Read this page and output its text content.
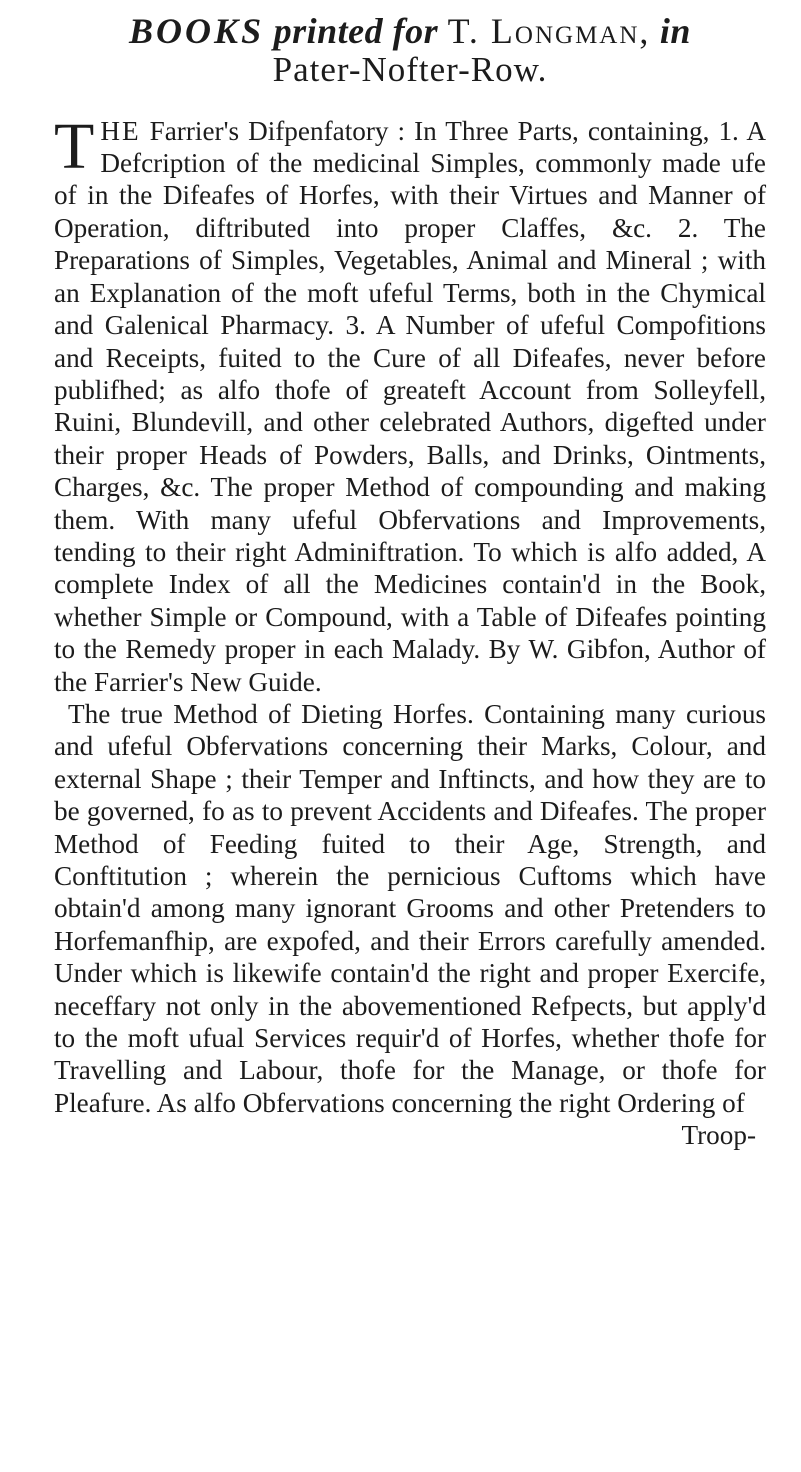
BOOKS printed for T. Longman, in
Pater-Nofter-Row.

THE Farrier's Difpenfatory : In Three Parts, containing, 1. A Defcription of the medicinal Simples, commonly made ufe of in the Difeafes of Horfes, with their Virtues and Manner of Operation, diftributed into proper Claffes, &c. 2. The Preparations of Simples, Vegetables, Animal and Mineral ; with an Explanation of the moft ufeful Terms, both in the Chymical and Galenical Pharmacy. 3. A Number of ufeful Compofitions and Receipts, fuited to the Cure of all Difeafes, never before publifhed; as alfo thofe of greateft Account from Solleyfell, Ruini, Blundevill, and other celebrated Authors, digefted under their proper Heads of Powders, Balls, and Drinks, Ointments, Charges, &c. The proper Method of compounding and making them. With many ufeful Obfervations and Improvements, tending to their right Adminiftration. To which is alfo added, A complete Index of all the Medicines contain'd in the Book, whether Simple or Compound, with a Table of Difeafes pointing to the Remedy proper in each Malady. By W. Gibfon, Author of the Farrier's New Guide.

The true Method of Dieting Horfes. Containing many curious and ufeful Obfervations concerning their Marks, Colour, and external Shape ; their Temper and Inftincts, and how they are to be governed, fo as to prevent Accidents and Difeafes. The proper Method of Feeding fuited to their Age, Strength, and Conftitution ; wherein the pernicious Cuftoms which have obtain'd among many ignorant Grooms and other Pretenders to Horfemanfhip, are expofed, and their Errors carefully amended. Under which is likewife contain'd the right and proper Exercife, neceffary not only in the abovementioned Refpects, but apply'd to the moft ufual Services requir'd of Horfes, whether thofe for Travelling and Labour, thofe for the Manage, or thofe for Pleafure. As alfo Obfervations concerning the right Ordering of

Troop-
